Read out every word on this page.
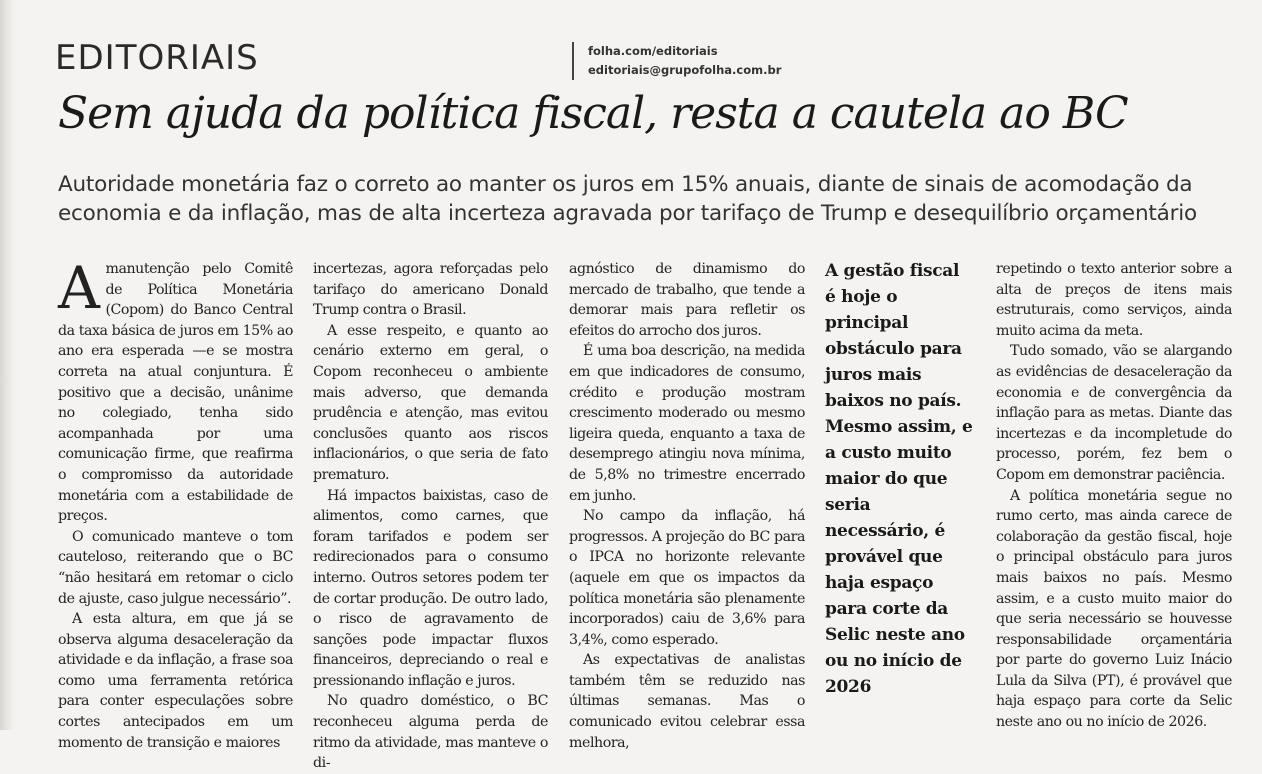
EDITORIAIS	folha.com/editoriais
editoriais@grupofolha.com.br
Sem ajuda da política fiscal, resta a cautela ao BC

Autoridade monetária faz o correto ao manter os juros em 15% anuais, diante de sinais de acomodação da economia e da inflação, mas de alta incerteza agravada por tarifaço de Trump e desequilíbrio orçamentário

Amanutenção pelo Comitê de Política Monetária (Copom) do Banco Central da taxa básica de juros em 15% ao ano era esperada —e se mostra correta na atual conjuntura. É positivo que a decisão, unânime no colegiado, tenha sido acompanhada por uma comunicação firme, que reafirma o compromisso da autoridade monetária com a estabilidade de preços.

O comunicado manteve o tom cauteloso, reiterando que o BC “não hesitará em retomar o ciclo de ajuste, caso julgue necessário”.

A esta altura, em que já se observa alguma desaceleração da atividade e da inflação, a frase soa como uma ferramenta retórica para conter especulações sobre cortes antecipados em um momento de transição e maiores

incertezas, agora reforçadas pelo tarifaço do americano Donald Trump contra o Brasil.

A esse respeito, e quanto ao cenário externo em geral, o Copom reconheceu o ambiente mais adverso, que demanda prudência e atenção, mas evitou conclusões quanto aos riscos inflacionários, o que seria de fato prematuro.

Há impactos baixistas, caso de alimentos, como carnes, que foram tarifados e podem ser redirecionados para o consumo interno. Outros setores podem ter de cortar produção. De outro lado, o risco de agravamento de sanções pode impactar fluxos financeiros, depreciando o real e pressionando inflação e juros.

No quadro doméstico, o BC reconheceu alguma perda de ritmo da atividade, mas manteve o di-

agnóstico de dinamismo do mercado de trabalho, que tende a demorar mais para refletir os efeitos do arrocho dos juros.

É uma boa descrição, na medida em que indicadores de consumo, crédito e produção mostram crescimento moderado ou mesmo ligeira queda, enquanto a taxa de desemprego atingiu nova mínima, de 5,8% no trimestre encerrado em junho.

No campo da inflação, há progressos. A projeção do BC para o IPCA no horizonte relevante (aquele em que os impactos da política monetária são plenamente incorporados) caiu de 3,6% para 3,4%, como esperado.

As expectativas de analistas também têm se reduzido nas últimas semanas. Mas o comunicado evitou celebrar essa melhora,

A gestão fiscal é hoje o principal obstáculo para juros mais baixos no país. Mesmo assim, e a custo muito maior do que seria necessário, é provável que haja espaço para corte da Selic neste ano ou no início de 2026

repetindo o texto anterior sobre a alta de preços de itens mais estruturais, como serviços, ainda muito acima da meta.

Tudo somado, vão se alargando as evidências de desaceleração da economia e de convergência da inflação para as metas. Diante das incertezas e da incompletude do processo, porém, fez bem o Copom em demonstrar paciência.

A política monetária segue no rumo certo, mas ainda carece de colaboração da gestão fiscal, hoje o principal obstáculo para juros mais baixos no país. Mesmo assim, e a custo muito maior do que seria necessário se houvesse responsabilidade orçamentária por parte do governo Luiz Inácio Lula da Silva (PT), é provável que haja espaço para corte da Selic neste ano ou no início de 2026.
